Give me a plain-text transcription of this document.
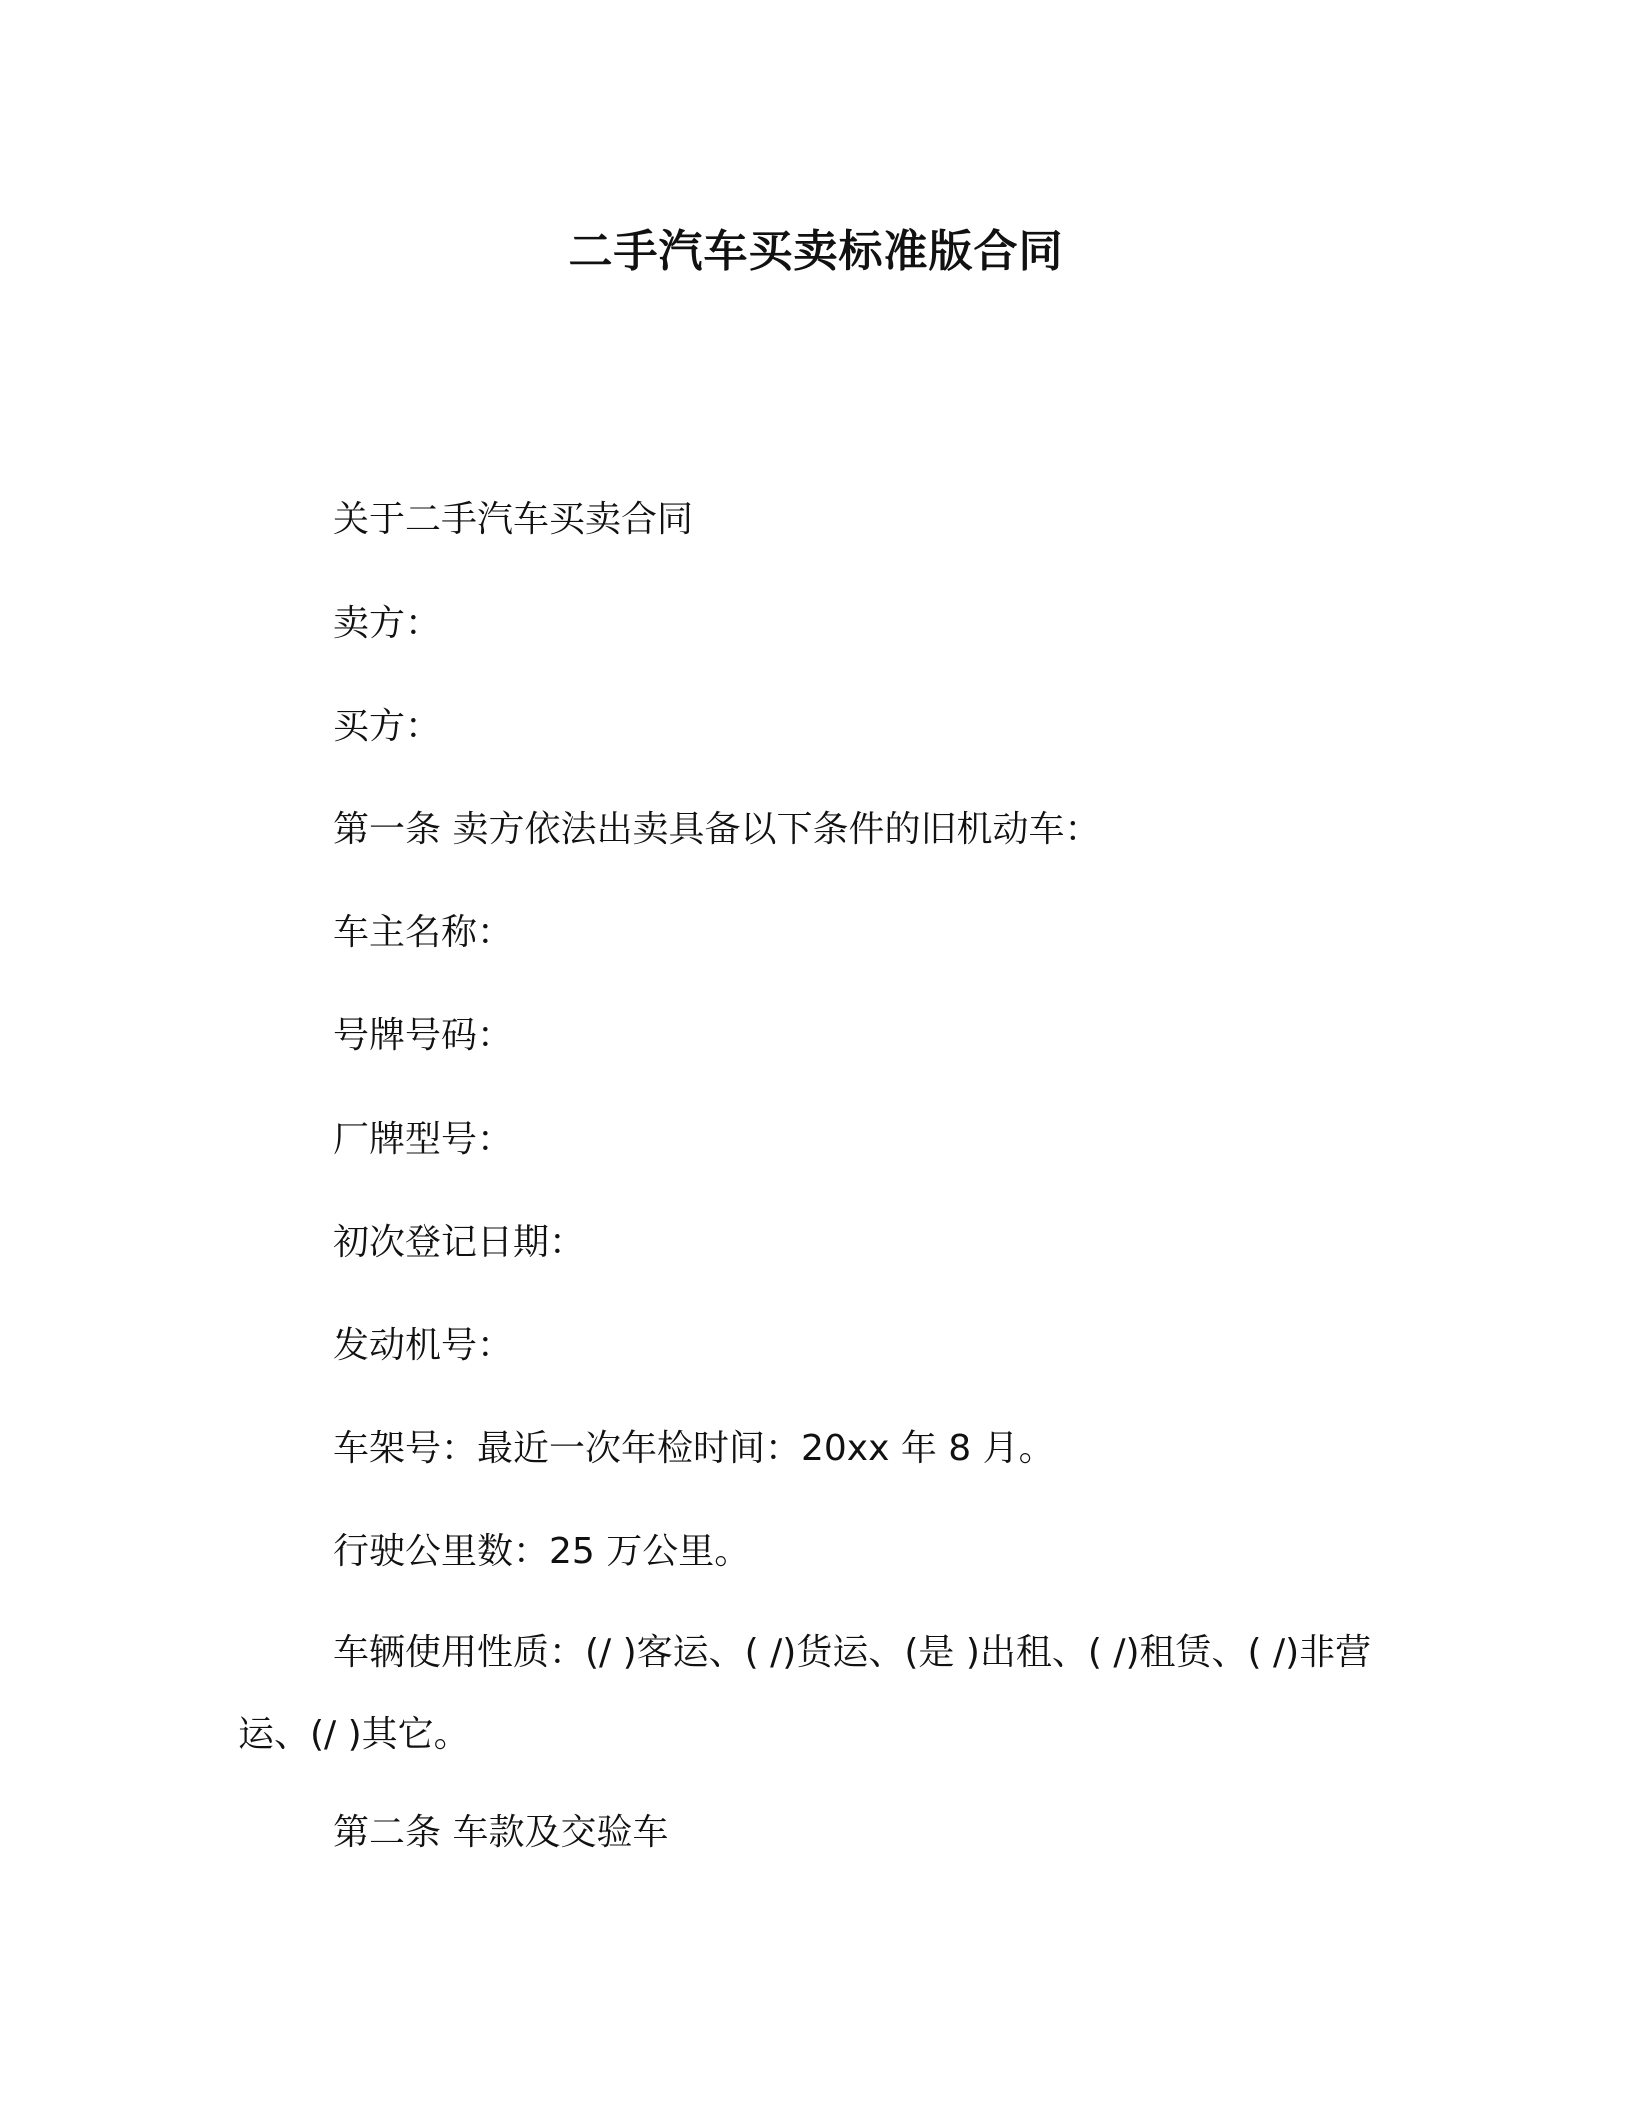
二手汽车买卖标准版合同
关于二手汽车买卖合同
卖方：
买方：
第一条 卖方依法出卖具备以下条件的旧机动车：
车主名称：
号牌号码：
厂牌型号：
初次登记日期：
发动机号：
车架号：最近一次年检时间：20xx 年 8 月。
行驶公里数：25 万公里。
车辆使用性质：(/ )客运、( /)货运、(是 )出租、( /)租赁、( /)非营运、(/ )其它。
第二条 车款及交验车
